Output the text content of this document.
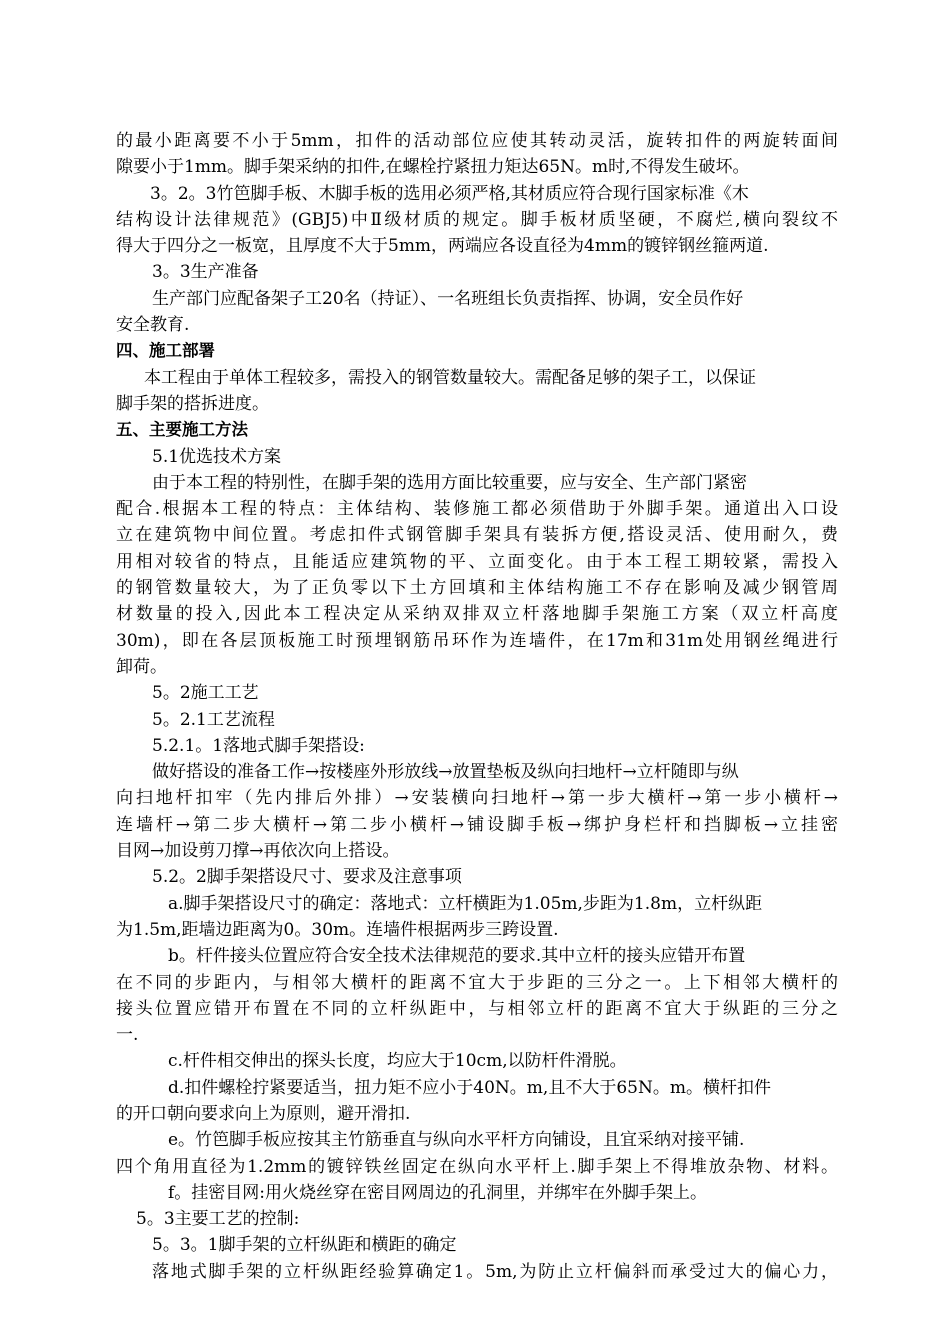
的最小距离要不小于5mm，扣件的活动部位应使其转动灵活，旋转扣件的两旋转面间
隙要小于1mm。脚手架采纳的扣件,在螺栓拧紧扭力矩达65N。m时,不得发生破坏。
3。2。3竹笆脚手板、木脚手板的选用必须严格,其材质应符合现行国家标准《木
结构设计法律规范》(GBJ5)中Ⅱ级材质的规定。脚手板材质坚硬，不腐烂,横向裂纹不
得大于四分之一板宽，且厚度不大于5mm，两端应各设直径为4mm的镀锌钢丝箍两道.
3。3生产准备
生产部门应配备架子工20名（持证）、一名班组长负责指挥、协调，安全员作好
安全教育.
四、施工部署
本工程由于单体工程较多，需投入的钢管数量较大。需配备足够的架子工，以保证
脚手架的搭拆进度。
五、主要施工方法
5.1优选技术方案
由于本工程的特别性，在脚手架的选用方面比较重要，应与安全、生产部门紧密
配合.根据本工程的特点：主体结构、装修施工都必须借助于外脚手架。通道出入口设
立在建筑物中间位置。考虑扣件式钢管脚手架具有装拆方便,搭设灵活、使用耐久，费
用相对较省的特点，且能适应建筑物的平、立面变化。由于本工程工期较紧，需投入
的钢管数量较大，为了正负零以下土方回填和主体结构施工不存在影响及减少钢管周
材数量的投入,因此本工程决定从采纳双排双立杆落地脚手架施工方案（双立杆高度
30m)，即在各层顶板施工时预埋钢筋吊环作为连墙件，在17m和31m处用钢丝绳进行
卸荷。
5。2施工工艺
5。2.1工艺流程
5.2.1。1落地式脚手架搭设:
做好搭设的准备工作→按楼座外形放线→放置垫板及纵向扫地杆→立杆随即与纵
向扫地杆扣牢（先内排后外排）→安装横向扫地杆→第一步大横杆→第一步小横杆→
连墙杆→第二步大横杆→第二步小横杆→铺设脚手板→绑护身栏杆和挡脚板→立挂密
目网→加设剪刀撑→再依次向上搭设。
5.2。2脚手架搭设尺寸、要求及注意事项
a.脚手架搭设尺寸的确定：落地式：立杆横距为1.05m,步距为1.8m，立杆纵距
为1.5m,距墙边距离为0。30m。连墙件根据两步三跨设置.
b。杆件接头位置应符合安全技术法律规范的要求.其中立杆的接头应错开布置
在不同的步距内，与相邻大横杆的距离不宜大于步距的三分之一。上下相邻大横杆的
接头位置应错开布置在不同的立杆纵距中，与相邻立杆的距离不宜大于纵距的三分之
一.
c.杆件相交伸出的探头长度，均应大于10cm,以防杆件滑脱。
d.扣件螺栓拧紧要适当，扭力矩不应小于40N。m,且不大于65N。m。横杆扣件
的开口朝向要求向上为原则，避开滑扣.
e。竹笆脚手板应按其主竹筋垂直与纵向水平杆方向铺设，且宜采纳对接平铺.
四个角用直径为1.2mm的镀锌铁丝固定在纵向水平杆上.脚手架上不得堆放杂物、材料。
f。挂密目网:用火烧丝穿在密目网周边的孔洞里，并绑牢在外脚手架上。
5。3主要工艺的控制:
5。3。1脚手架的立杆纵距和横距的确定
落地式脚手架的立杆纵距经验算确定1。5m,为防止立杆偏斜而承受过大的偏心力，
